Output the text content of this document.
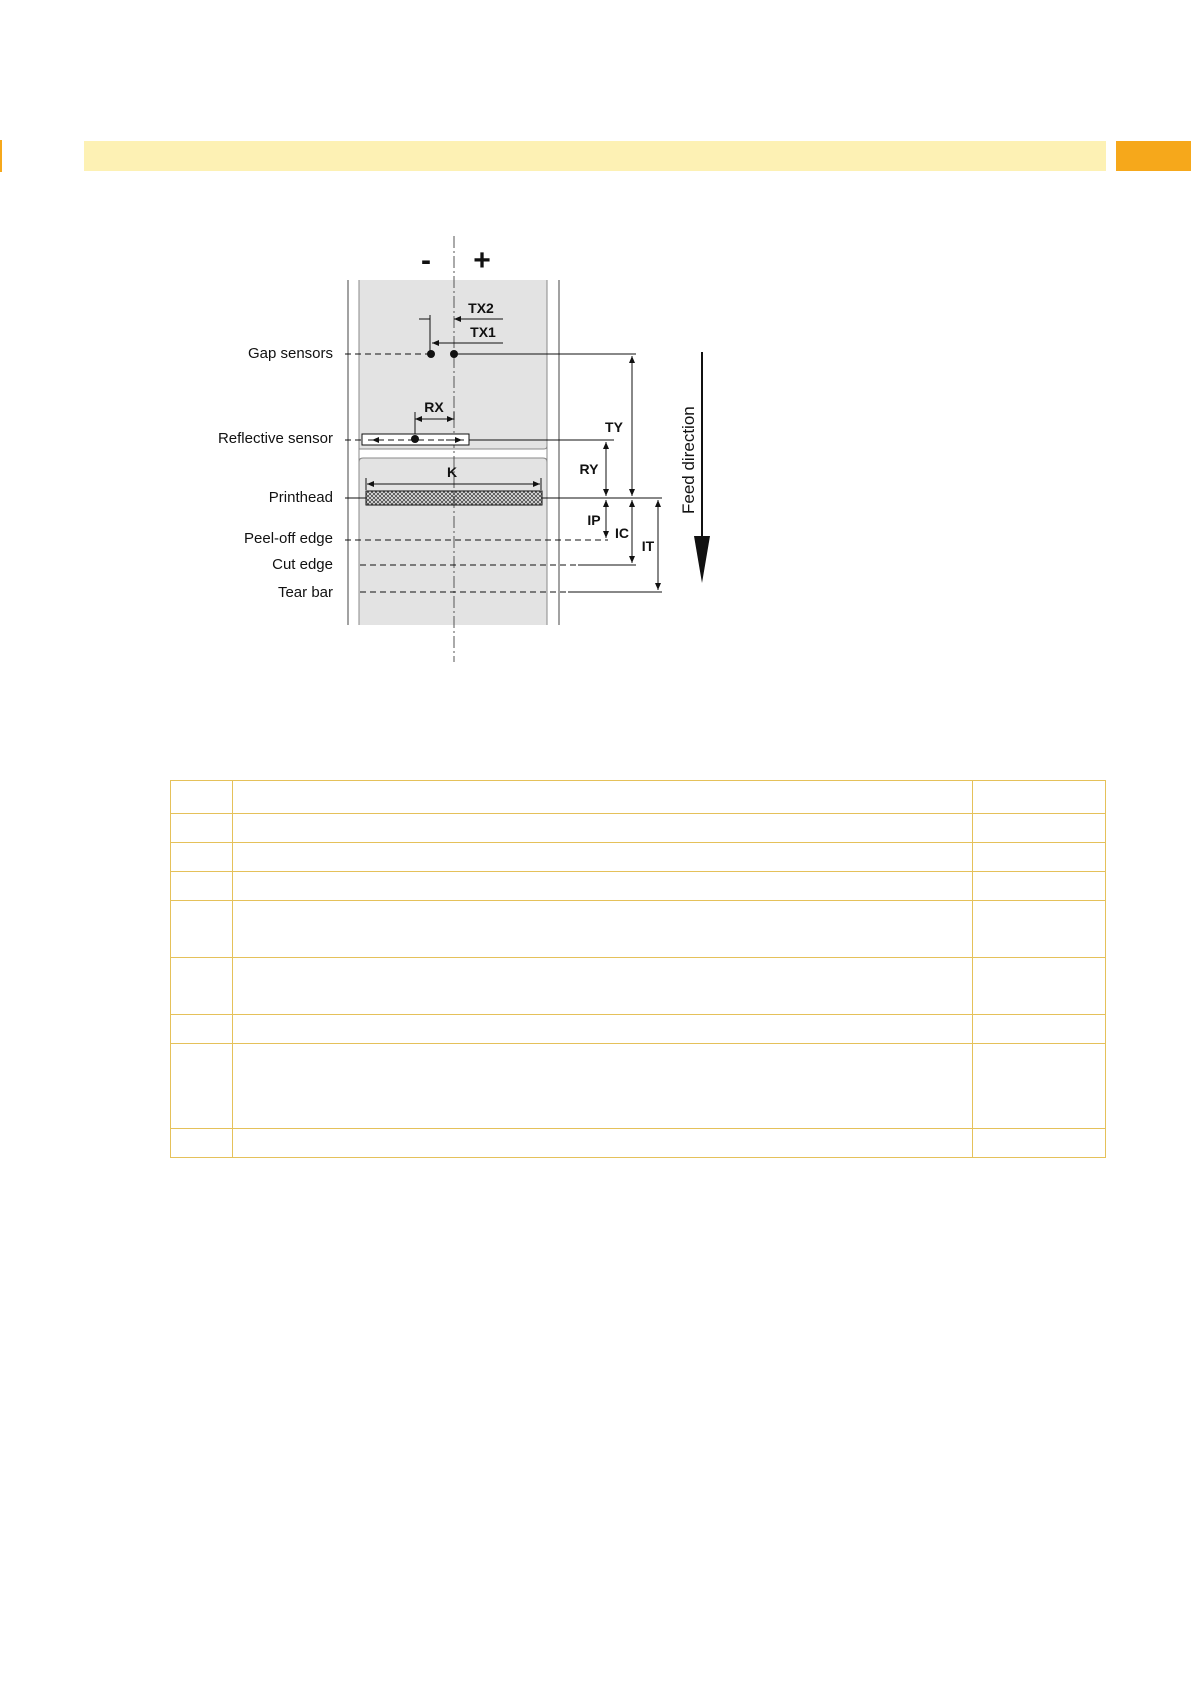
- +
TX2
TX1
Gap sensors
RX
Reflective sensor
K
Printhead
Peel-off edge
Cut edge
Tear bar
RY
TY
IP
IC
IT
Feed direction
